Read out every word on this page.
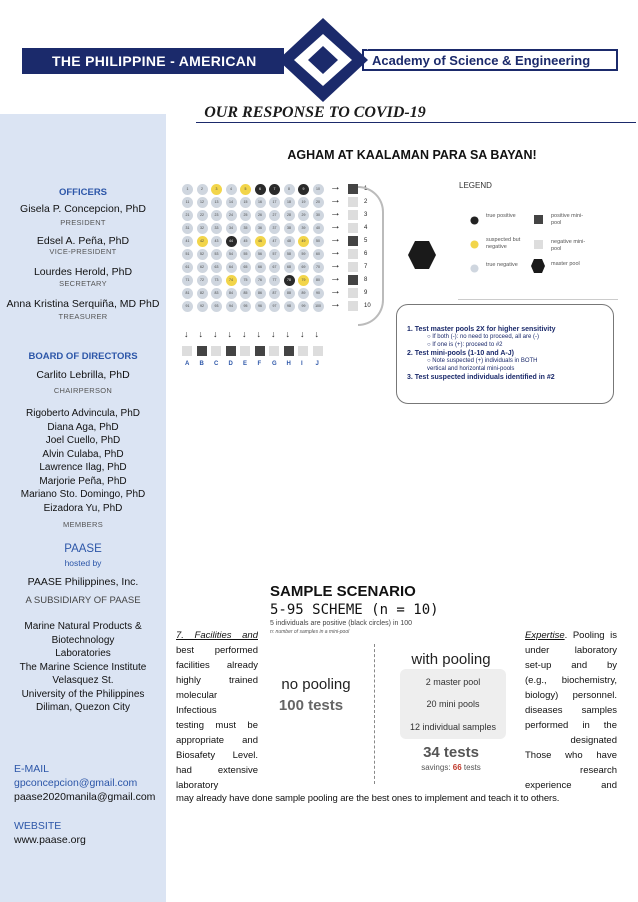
THE PHILIPPINE - AMERICAN	Academy of Science & Engineering
OUR RESPONSE TO COVID-19
OFFICERS
Gisela P. Concepcion, PhD
PRESIDENT
Edsel A. Peña, PhD
VICE-PRESIDENT
Lourdes Herold, PhD
SECRETARY
Anna Kristina Serquiña, MD PhD
TREASURER
BOARD OF DIRECTORS
Carlito Lebrilla, PhD
CHAIRPERSON
Rigoberto Advincula, PhD
Diana Aga, PhD
Joel Cuello, PhD
Alvin Culaba, PhD
Lawrence Ilag, PhD
Marjorie Peña, PhD
Mariano Sto. Domingo, PhD
Eizadora Yu, PhD
MEMBERS
PAASE
hosted by
PAASE Philippines, Inc.
A SUBSIDIARY OF PAASE
Marine Natural Products &
Biotechnology
Laboratories
The Marine Science Institute
Velasquez St.
University of the Philippines
Diliman, Quezon City
E-MAIL
gpconcepcion@gmail.com
paase2020manila@gmail.com
WEBSITE
www.paase.org
AGHAM AT KAALAMAN PARA SA BAYAN!
1	2	3	4	5	6	7	8	9	10 →	1
11	12	13	14	15	16	17	18	19	20 →	2
21	22	23	24	25	26	27	28	29	30 →	3
31	32	33	34	35	36	37	38	39	40 →	4
41	42	43	44	45	46	47	48	49	50 →	5
51	52	53	54	55	56	57	58	59	60 →	6
61	62	63	64	65	66	67	68	69	70 →	7
71	72	73	74	75	76	77	78	79	80 →	8
81	82	83	84	85	86	87	88	89	90 →	9
91	92	93	94	95	96	97	98	99	100 →	10
↓
A
↓
B
↓
C
↓
D
↓
E
↓
F
↓
G
↓
H
↓
I
↓
J
LEGEND
true positive	positive mini-pool
suspected but negative
negative mini-pool
true negative	master pool
1. Test master pools 2X for higher sensitivity
○ If both (-): no need to proceed, all are (-)
○ If one is (+): proceed to #2
2. Test mini-pools (1-10 and A-J)
○ Note suspected (+) individuals in BOTH
vertical and horizontal mini-pools
3. Test suspected individuals identified in #2
SAMPLE SCENARIO
5-95 SCHEME (n = 10)
5 individuals are positive (black circles) in 100
n: number of samples in a mini-pool
no pooling
100 tests
with pooling
2 master pool
20 mini pools
12 individual samples
34 tests
savings: 66 tests
7. Facilities and
best performed
facilities already
highly trained
molecular
Infectious
testing must be
appropriate and
Biosafety Level.
had extensive
laboratory
Expertise. Pooling is
under laboratory
set-up and by
(e.g., biochemistry,
biology) personnel.
diseases samples
performed in the
designated
Those who have
research
experience and
may already have done sample pooling are the best ones to implement and teach it to others.
